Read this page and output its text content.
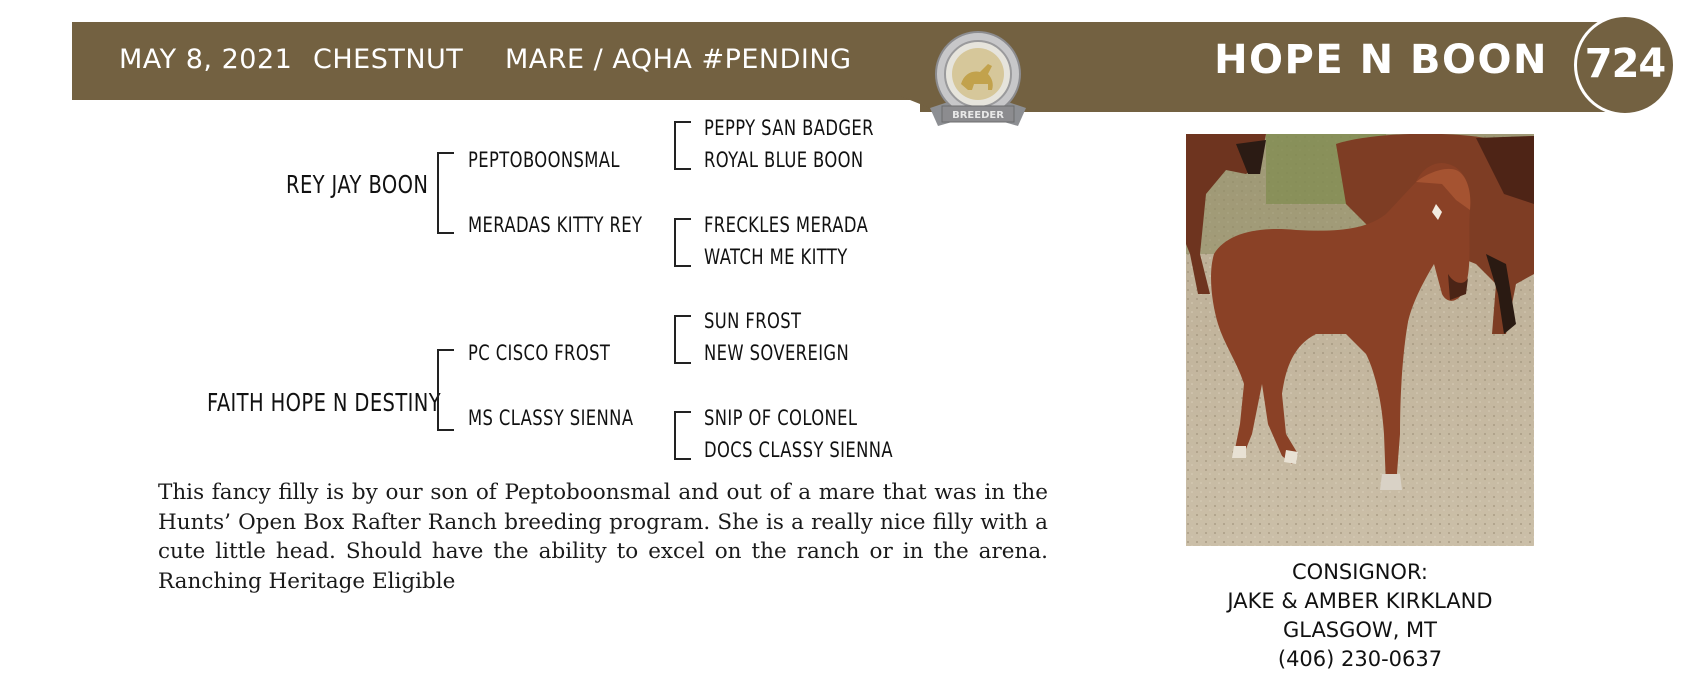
MAY 8, 2021 CHESTNUT MARE / AQHA #PENDING
BREEDER
HOPE N BOON 724
REY JAY BOON
FAITH HOPE N DESTINY
PEPTOBOONSMAL
MERADAS KITTY REY
PC CISCO FROST
MS CLASSY SIENNA
PEPPY SAN BADGER
ROYAL BLUE BOON
FRECKLES MERADA
WATCH ME KITTY
SUN FROST
NEW SOVEREIGN
SNIP OF COLONEL
DOCS CLASSY SIENNA
This fancy filly is by our son of Peptoboonsmal and out of a mare that was in the Hunts’ Open Box Rafter Ranch breeding program. She is a really nice filly with a cute little head. Should have the ability to excel on the ranch or in the arena. Ranching Heritage Eligible	CONSIGNOR:
JAKE & AMBER KIRKLAND
GLASGOW, MT
(406) 230-0637
